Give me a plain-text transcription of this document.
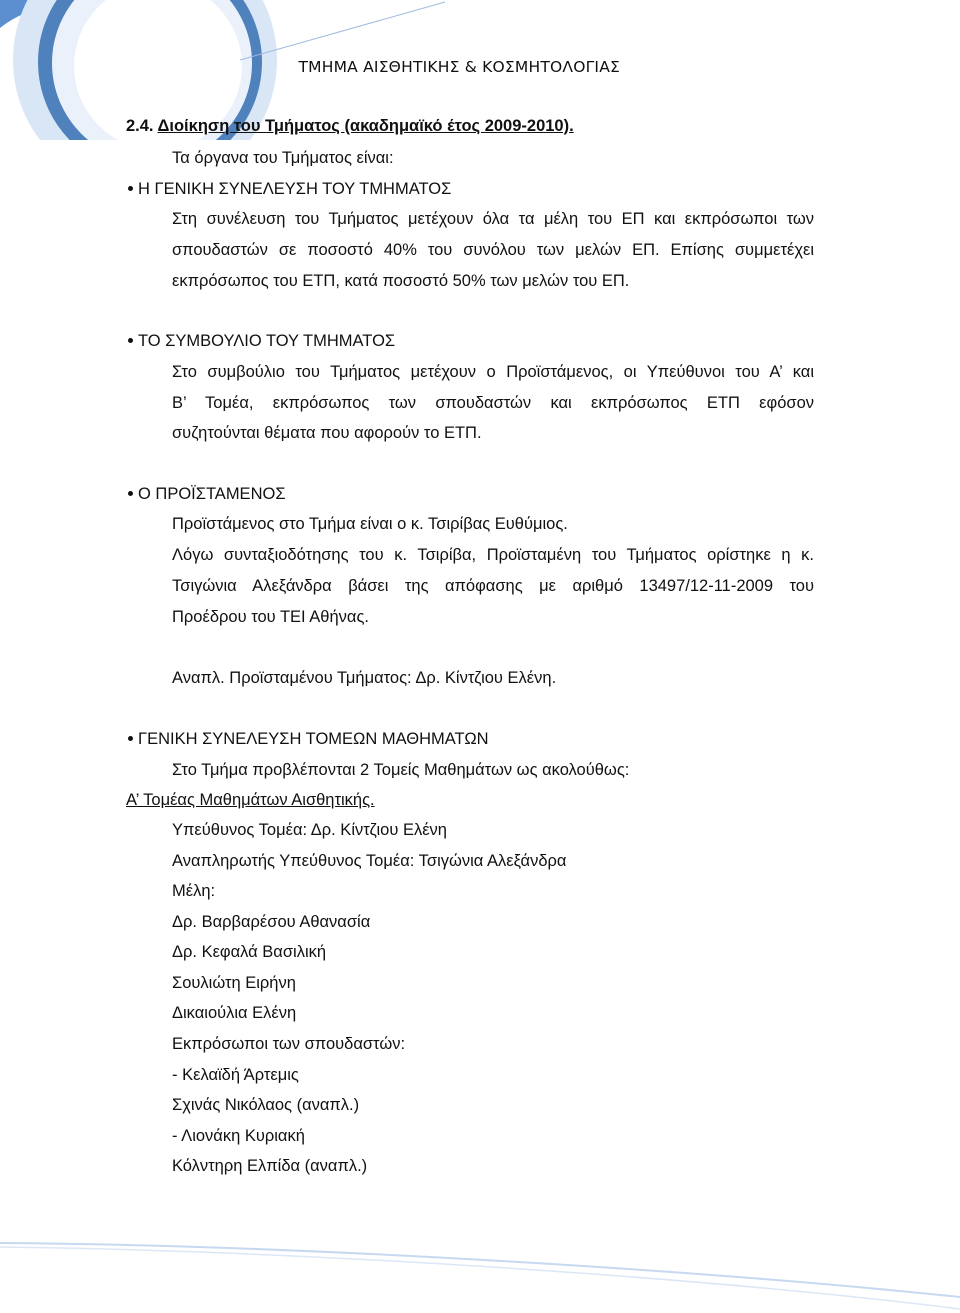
ΤΜΗΜΑ ΑΙΣΘΗΤΙΚΗΣ & ΚΟΣΜΗΤΟΛΟΓΙΑΣ
2.4. Διοίκηση του Τμήματος (ακαδημαϊκό έτος 2009-2010).
Τα όργανα του Τμήματος είναι:
Η ΓΕΝΙΚΗ ΣΥΝΕΛΕΥΣΗ ΤΟΥ ΤΜΗΜΑΤΟΣ
Στη συνέλευση του Τμήματος μετέχουν όλα τα μέλη του ΕΠ και εκπρόσωποι των
σπουδαστών σε ποσοστό 40% του συνόλου των μελών ΕΠ. Επίσης συμμετέχει
εκπρόσωπος του ΕΤΠ, κατά ποσοστό 50% των μελών του ΕΠ.
ΤΟ ΣΥΜΒΟΥΛΙΟ ΤΟΥ ΤΜΗΜΑΤΟΣ
Στο συμβούλιο του Τμήματος μετέχουν ο Προϊστάμενος, οι Υπεύθυνοι του Α’ και
Β’ Τομέα, εκπρόσωπος των σπουδαστών και εκπρόσωπος ΕΤΠ εφόσον
συζητούνται θέματα που αφορούν το ΕΤΠ.
Ο ΠΡΟΪΣΤΑΜΕΝΟΣ
Προϊστάμενος στο Τμήμα είναι ο κ. Τσιρίβας Ευθύμιος.
Λόγω συνταξιοδότησης του κ. Τσιρίβα, Προϊσταμένη του Τμήματος ορίστηκε η κ.
Τσιγώνια Αλεξάνδρα βάσει της απόφασης με αριθμό 13497/12-11-2009 του
Προέδρου του ΤΕΙ Αθήνας.
Αναπλ. Προϊσταμένου Τμήματος: Δρ. Κίντζιου Ελένη.
ΓΕΝΙΚΗ ΣΥΝΕΛΕΥΣΗ ΤΟΜΕΩΝ ΜΑΘΗΜΑΤΩΝ
Στο Τμήμα προβλέπονται 2 Τομείς Μαθημάτων ως ακολούθως:
Α’ Τομέας Μαθημάτων Αισθητικής.
Υπεύθυνος Τομέα: Δρ. Κίντζιου Ελένη
Αναπληρωτής Υπεύθυνος Τομέα: Τσιγώνια Αλεξάνδρα
Μέλη:
Δρ. Βαρβαρέσου Αθανασία
Δρ. Κεφαλά Βασιλική
Σουλιώτη Ειρήνη
Δικαιούλια Ελένη
Εκπρόσωποι των σπουδαστών:
- Κελαϊδή Άρτεμις
Σχινάς Νικόλαος (αναπλ.)
- Λιονάκη Κυριακή
Κόλντηρη Ελπίδα (αναπλ.)
